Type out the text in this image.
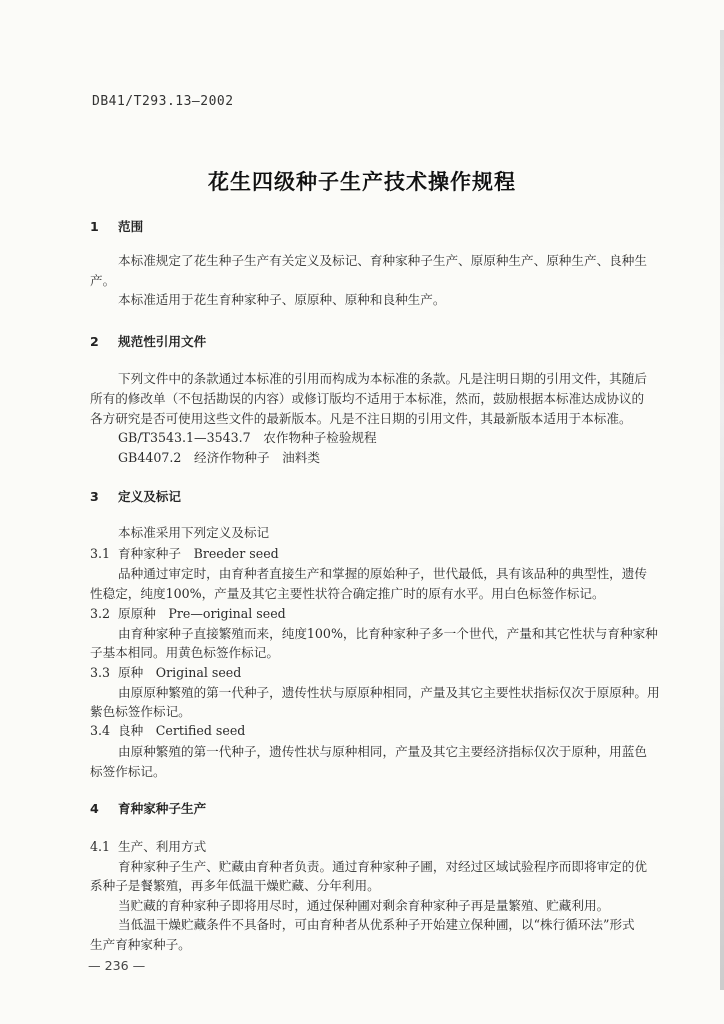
DB41/T293.13—2002
花生四级种子生产技术操作规程
1 范围
本标准规定了花生种子生产有关定义及标记、育种家种子生产、原原种生产、原种生产、良种生
产。
本标准适用于花生育种家种子、原原种、原种和良种生产。
2 规范性引用文件
下列文件中的条款通过本标准的引用而构成为本标准的条款。凡是注明日期的引用文件，其随后
所有的修改单（不包括勘误的内容）或修订版均不适用于本标准，然而，鼓励根据本标准达成协议的
各方研究是否可使用这些文件的最新版本。凡是不注日期的引用文件，其最新版本适用于本标准。
GB/T3543.1—3543.7　农作物种子检验规程
GB4407.2　经济作物种子　油料类
3 定义及标记
本标准采用下列定义及标记
3.1 育种家种子　Breeder seed
品种通过审定时，由育种者直接生产和掌握的原始种子，世代最低，具有该品种的典型性，遗传
性稳定，纯度100%，产量及其它主要性状符合确定推广时的原有水平。用白色标签作标记。
3.2 原原种　Pre—original seed
由育种家种子直接繁殖而来，纯度100%，比育种家种子多一个世代，产量和其它性状与育种家种
子基本相同。用黄色标签作标记。
3.3 原种　Original seed
由原原种繁殖的第一代种子，遗传性状与原原种相同，产量及其它主要性状指标仅次于原原种。用
紫色标签作标记。
3.4 良种　Certified seed
由原种繁殖的第一代种子，遗传性状与原种相同，产量及其它主要经济指标仅次于原种，用蓝色
标签作标记。
4 育种家种子生产
4.1 生产、利用方式
育种家种子生产、贮藏由育种者负责。通过育种家种子圃，对经过区域试验程序而即将审定的优
系种子是餐繁殖，再多年低温干燥贮藏、分年利用。
当贮藏的育种家种子即将用尽时，通过保种圃对剩余育种家种子再是量繁殖、贮藏利用。
当低温干燥贮藏条件不具备时，可由育种者从优系种子开始建立保种圃，以“株行循环法”形式
生产育种家种子。
— 236 —
